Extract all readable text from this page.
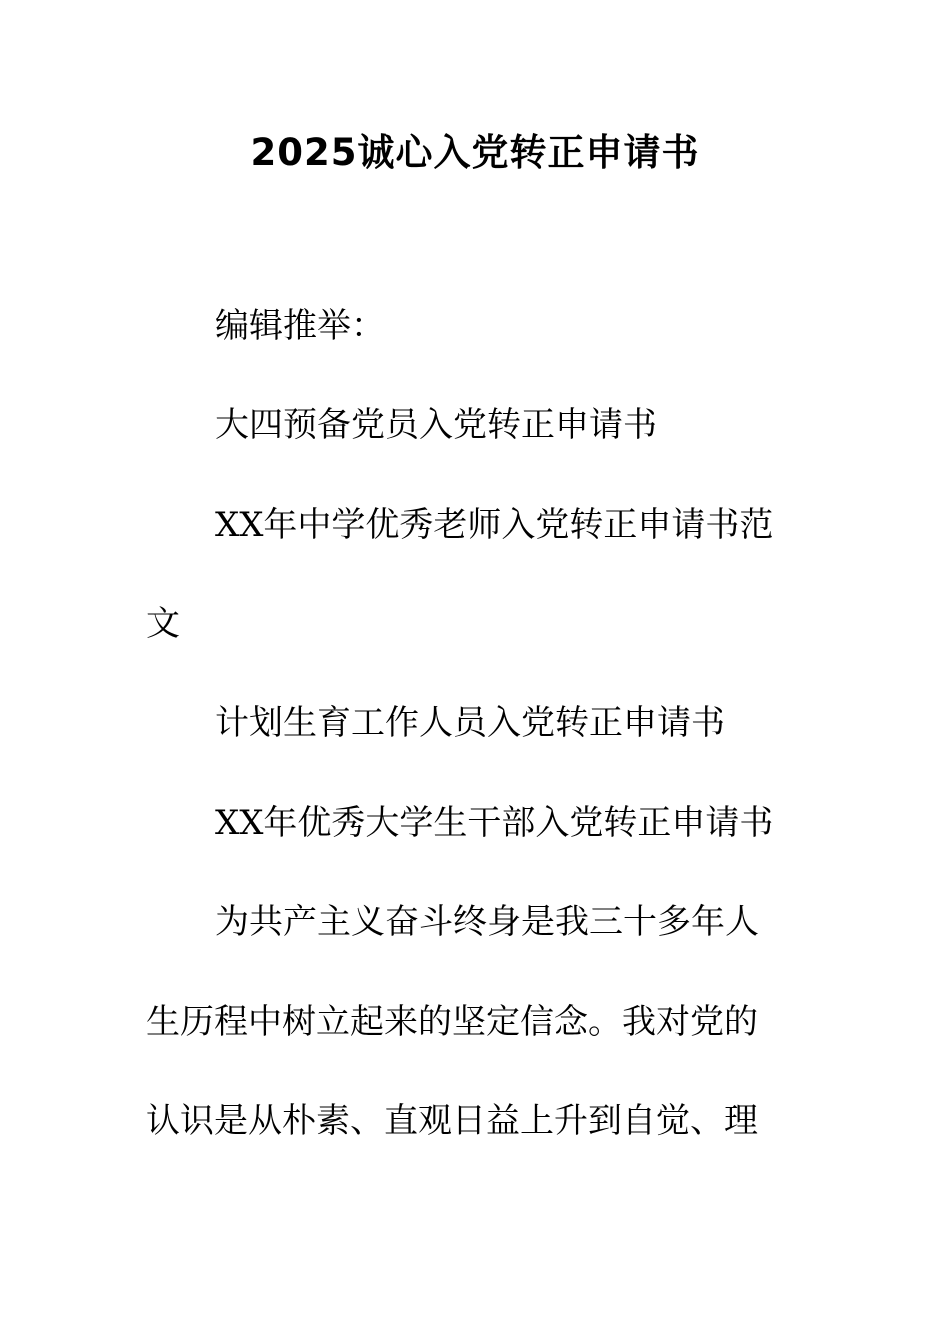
2025诚心入党转正申请书
编辑推举：
大四预备党员入党转正申请书
XX年中学优秀老师入党转正申请书范
文
计划生育工作人员入党转正申请书
XX年优秀大学生干部入党转正申请书
为共产主义奋斗终身是我三十多年人
生历程中树立起来的坚定信念。我对党的
认识是从朴素、直观日益上升到自觉、理
